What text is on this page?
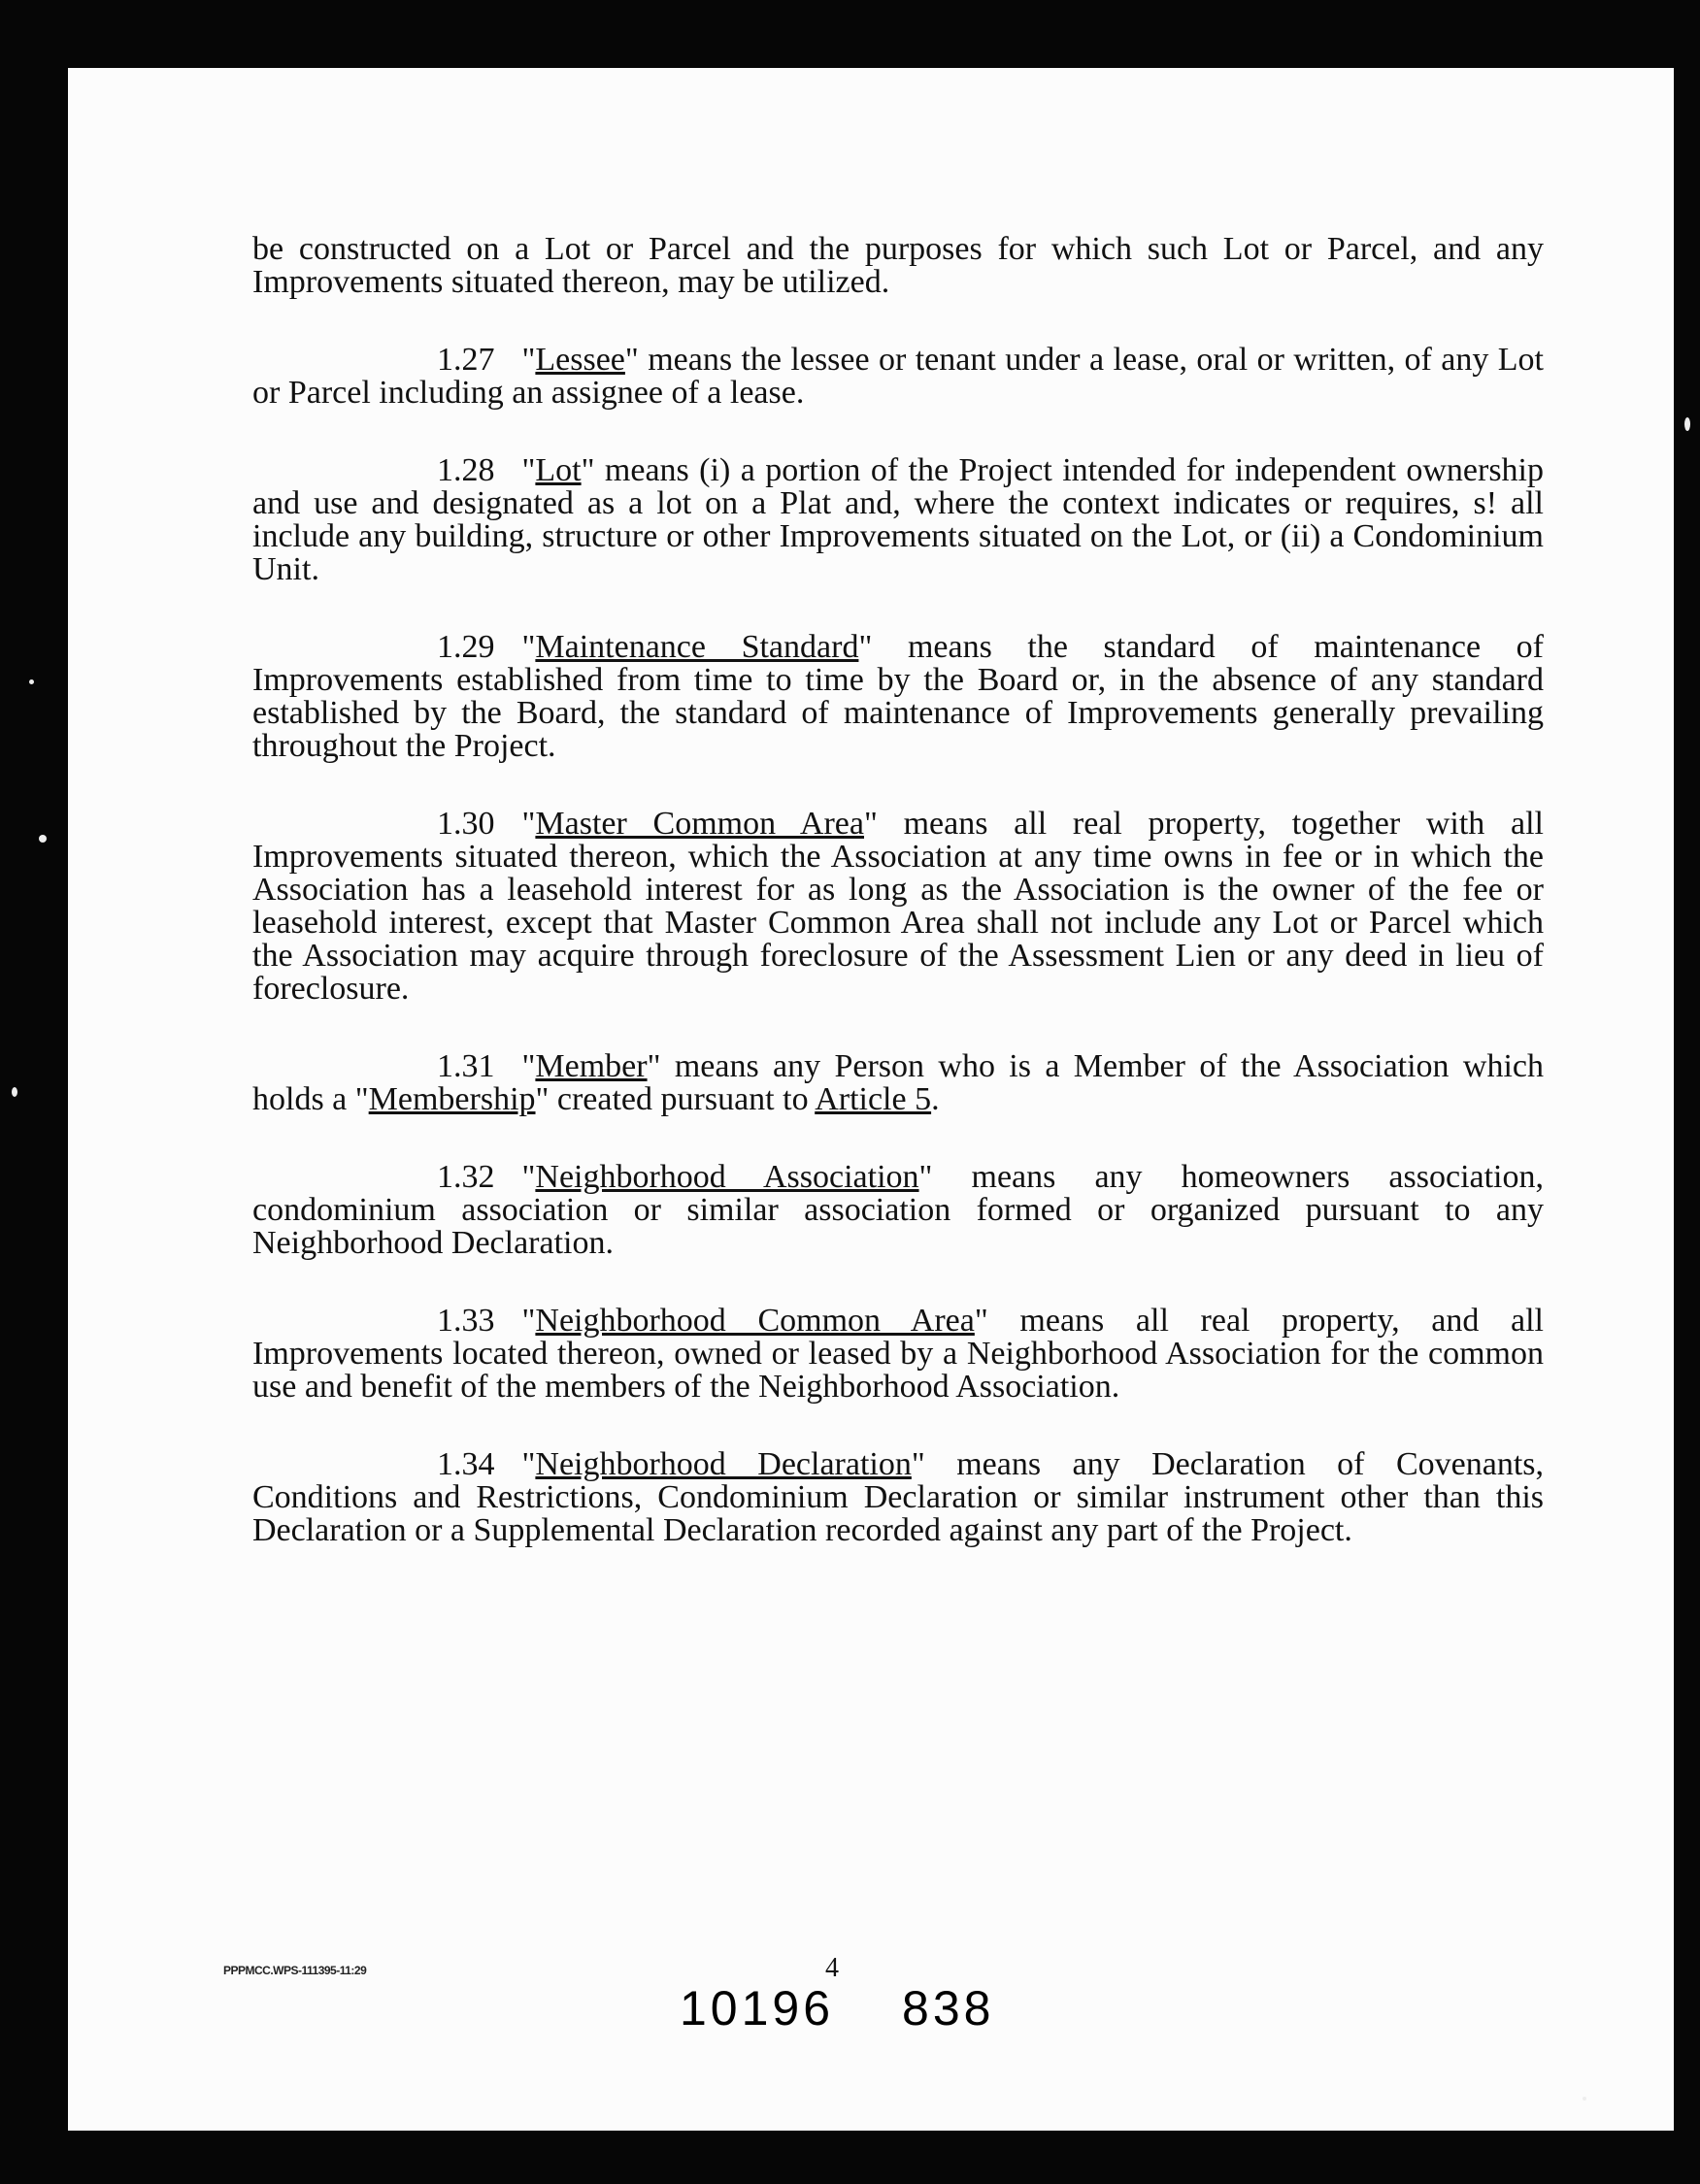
be constructed on a Lot or Parcel and the purposes for which such Lot or Parcel, and any Improvements situated thereon, may be utilized.

1.27 "Lessee" means the lessee or tenant under a lease, oral or written, of any Lot or Parcel including an assignee of a lease.

1.28 "Lot" means (i) a portion of the Project intended for independent ownership and use and designated as a lot on a Plat and, where the context indicates or requires, s! all include any building, structure or other Improvements situated on the Lot, or (ii) a Condominium Unit.

1.29 "Maintenance Standard" means the standard of maintenance of Improvements established from time to time by the Board or, in the absence of any standard established by the Board, the standard of maintenance of Improvements generally prevailing throughout the Project.

1.30 "Master Common Area" means all real property, together with all Improvements situated thereon, which the Association at any time owns in fee or in which the Association has a leasehold interest for as long as the Association is the owner of the fee or leasehold interest, except that Master Common Area shall not include any Lot or Parcel which the Association may acquire through foreclosure of the Assessment Lien or any deed in lieu of foreclosure.

1.31 "Member" means any Person who is a Member of the Association which holds a "Membership" created pursuant to Article 5.

1.32 "Neighborhood Association" means any homeowners association, condominium association or similar association formed or organized pursuant to any Neighborhood Declaration.

1.33 "Neighborhood Common Area" means all real property, and all Improvements located thereon, owned or leased by a Neighborhood Association for the common use and benefit of the members of the Neighborhood Association.

1.34 "Neighborhood Declaration" means any Declaration of Covenants, Conditions and Restrictions, Condominium Declaration or similar instrument other than this Declaration or a Supplemental Declaration recorded against any part of the Project.

PPPMCC.WPS-111395-11:29	4
10196 838
